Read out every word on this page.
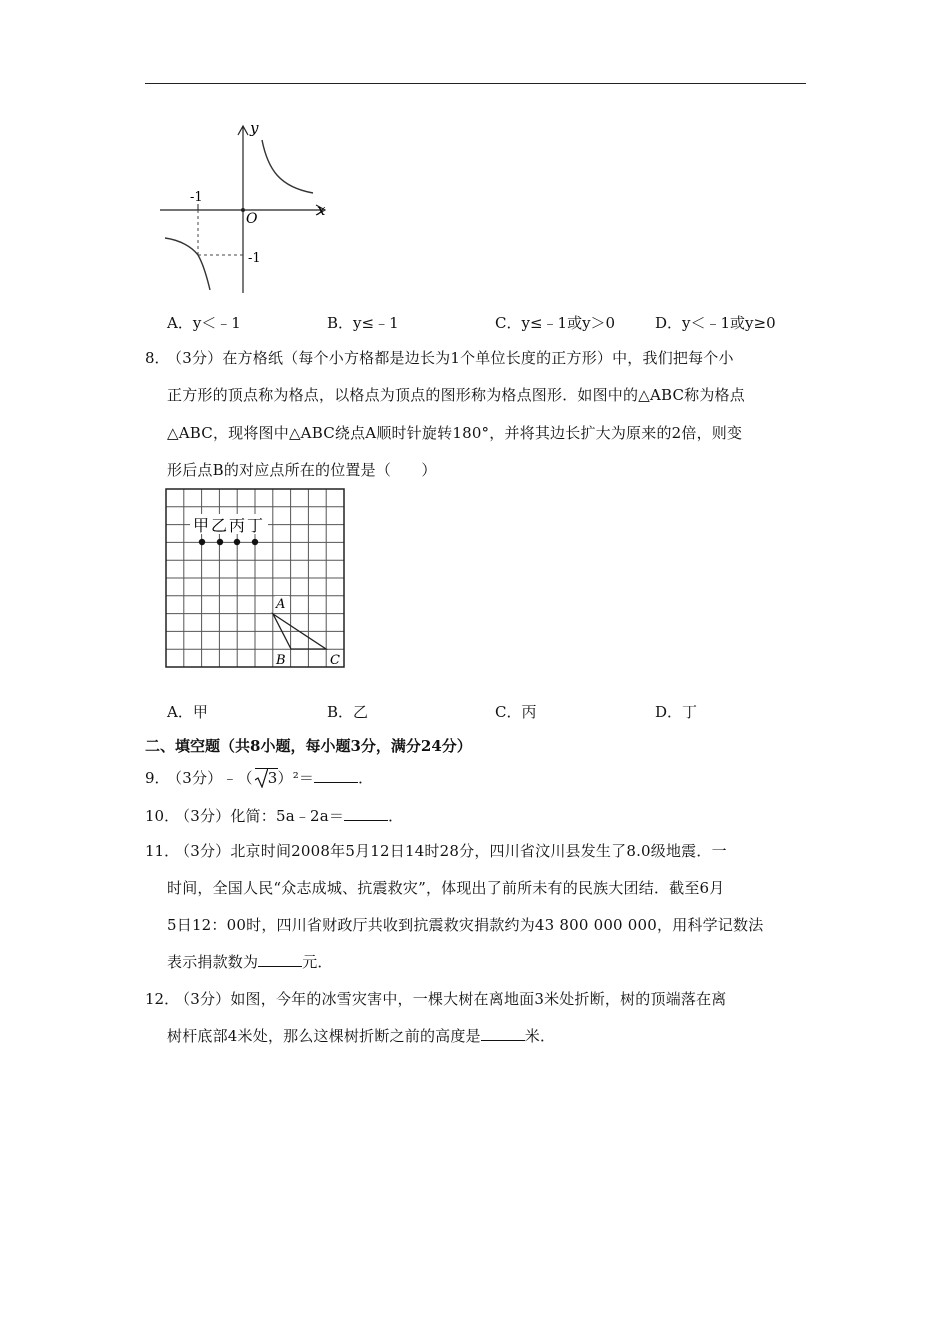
y
x
O
-1
-1
A．y＜﹣1	B．y≤﹣1	C．y≤﹣1或y＞0	D．y＜﹣1或y≥0
8．
（3分）在方格纸（每个小方格都是边长为1个单位长度的正方形）中，我们把每个小
正方形的顶点称为格点，以格点为顶点的图形称为格点图形．如图中的△ABC称为格点
△ABC，现将图中△ABC绕点A顺时针旋转180°，并将其边长扩大为原来的2倍，则变
形后点B的对应点所在的位置是（　　）
甲 乙 丙 丁
A
B	C
A．甲	B．乙	C．丙	D．丁
二、填空题（共8小题，每小题3分，满分24分）
9．
（3分）﹣（ 3）²＝	．
10．
（3分）化简：5a﹣2a＝	．
11．
（3分）北京时间2008年5月12日14时28分，四川省汶川县发生了8.0级地震．一
时间，全国人民“众志成城、抗震救灾”，体现出了前所未有的民族大团结．截至6月
5日12：00时，四川省财政厅共收到抗震救灾捐款约为43 800 000 000，用科学记数法
表示捐款数为	元．
12．
（3分）如图，今年的冰雪灾害中，一棵大树在离地面3米处折断，树的顶端落在离
树杆底部4米处，那么这棵树折断之前的高度是	米．
